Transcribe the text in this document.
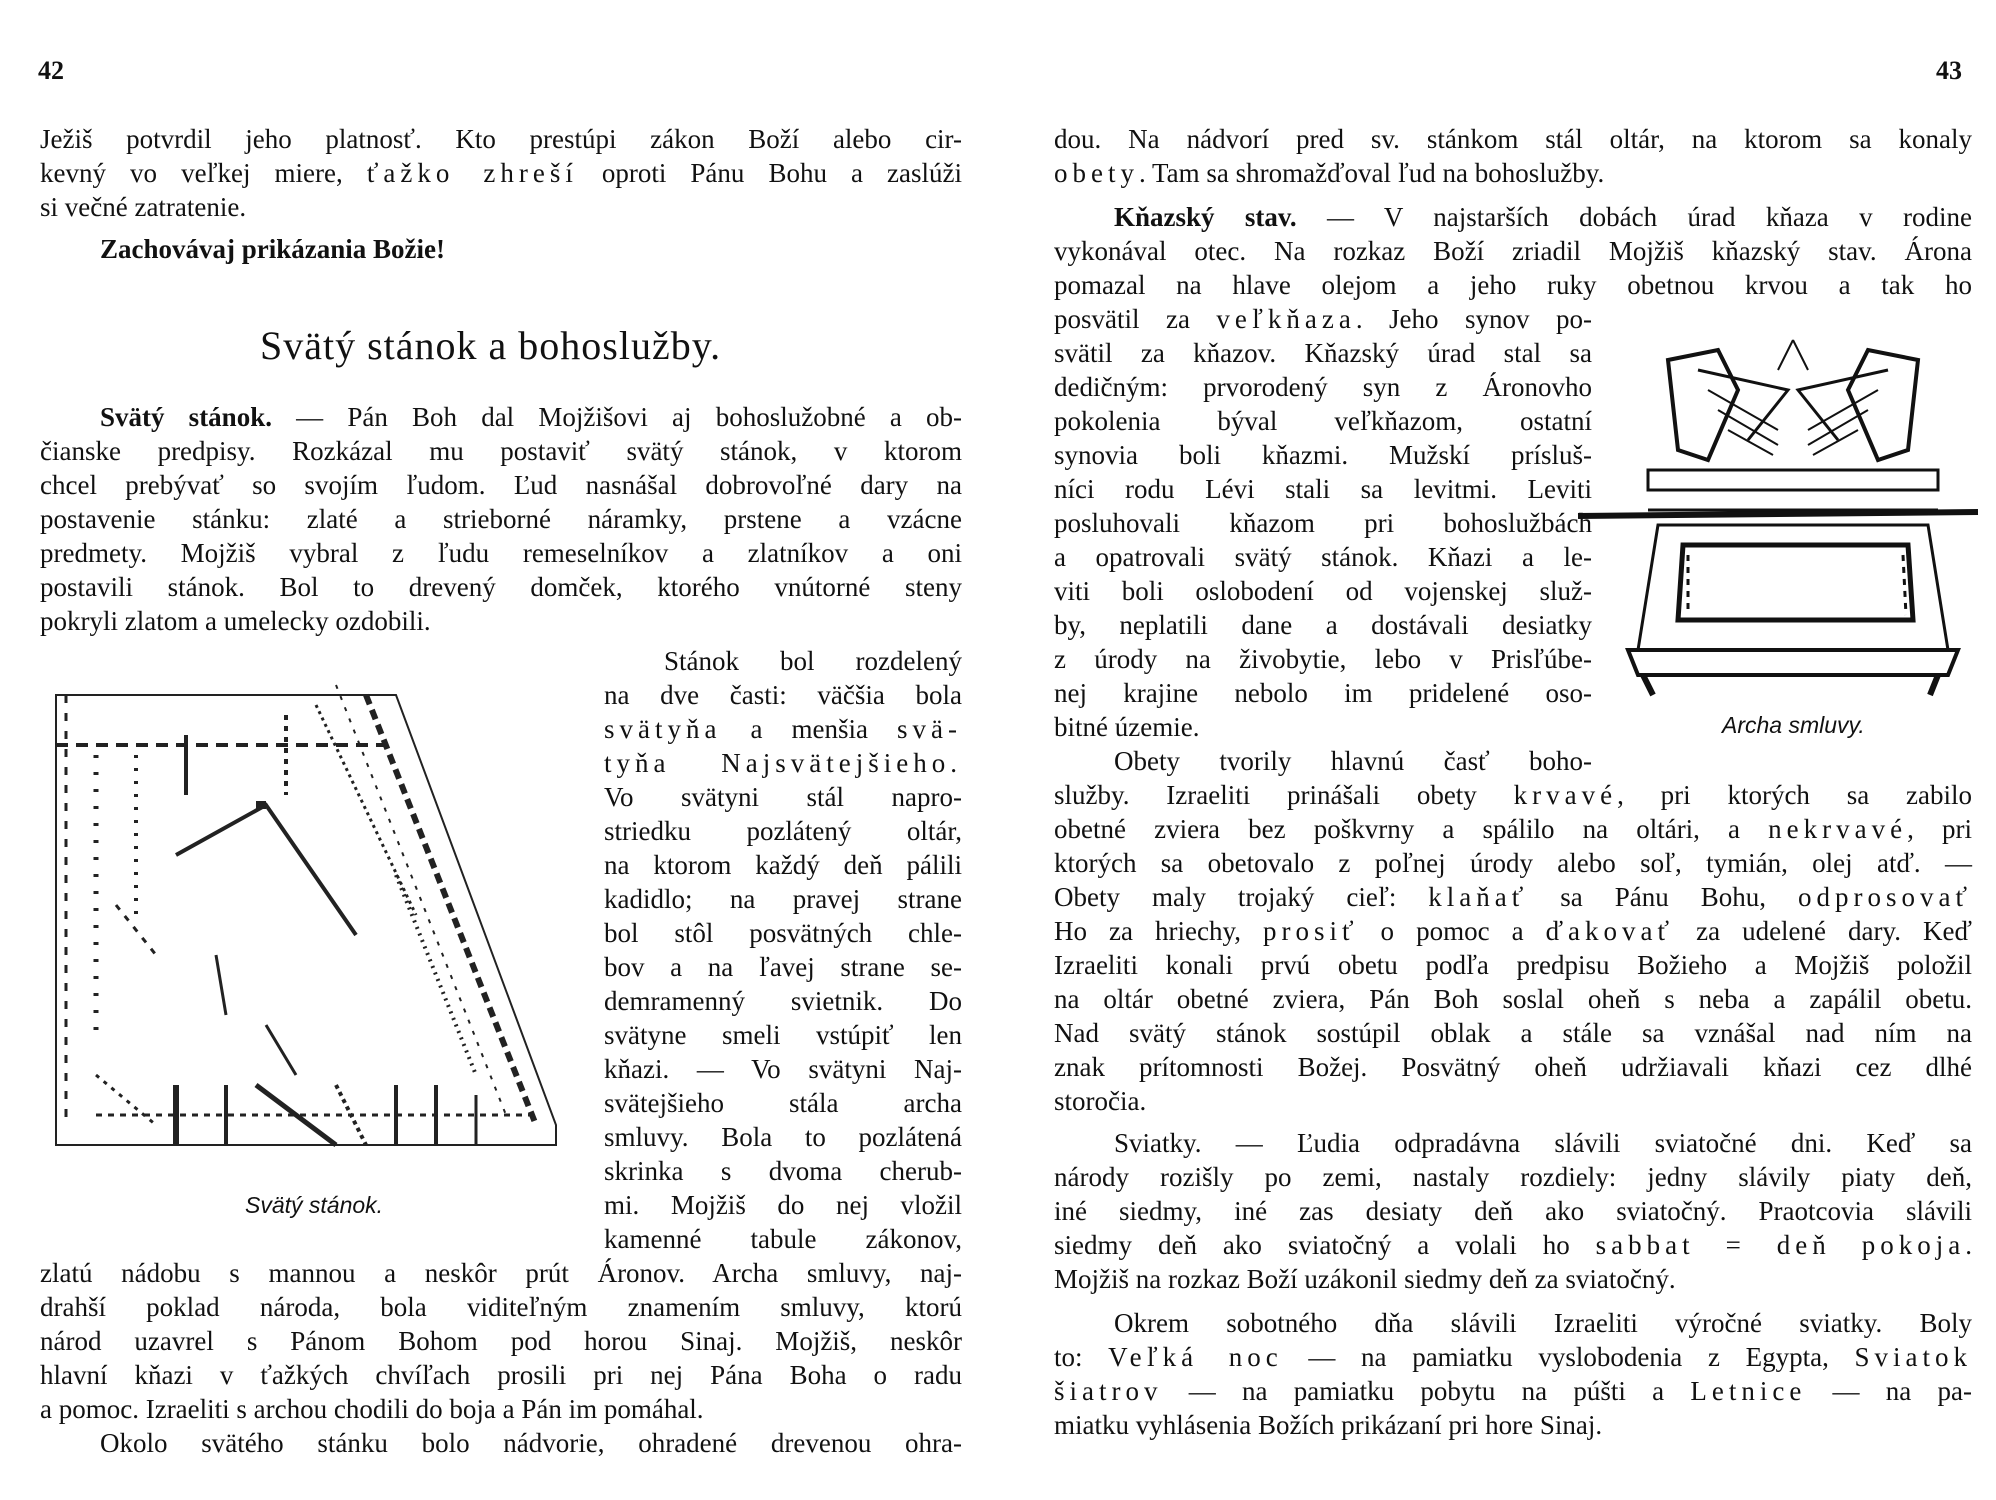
42
Ježiš potvrdil jeho platnosť. Kto prestúpi zákon Boží alebo cir-
kevný vo veľkej miere, ťažko zhreší oproti Pánu Bohu a zaslúži
si večné zatratenie.
Zachovávaj prikázania Božie!
Svätý stánok a bohoslužby.
Svätý stánok. — Pán Boh dal Mojžišovi aj bohoslužobné a ob-
čianske predpisy. Rozkázal mu postaviť svätý stánok, v ktorom
chcel prebývať so svojím ľudom. Ľud nasnášal dobrovoľné dary na
postavenie stánku: zlaté a strieborné náramky, prstene a vzácne
predmety. Mojžiš vybral z ľudu remeselníkov a zlatníkov a oni
postavili stánok. Bol to drevený domček, ktorého vnútorné steny
pokryli zlatom a umelecky ozdobili.
Svätý stánok.
Stánok bol rozdelený
na dve časti: väčšia bola
svätyňa a menšia svä-
tyňa Najsvätejšieho.
Vo svätyni stál napro-
striedku pozlátený oltár,
na ktorom každý deň pálili
kadidlo; na pravej strane
bol stôl posvätných chle-
bov a na ľavej strane se-
demramenný svietnik. Do
svätyne smeli vstúpiť len
kňazi. — Vo svätyni Naj-
svätejšieho stála archa
smluvy. Bola to pozlátená
skrinka s dvoma cherub-
mi. Mojžiš do nej vložil
kamenné tabule zákonov,
zlatú nádobu s mannou a neskôr prút Áronov. Archa smluvy, naj-
drahší poklad národa, bola viditeľným znamením smluvy, ktorú
národ uzavrel s Pánom Bohom pod horou Sinaj. Mojžiš, neskôr
hlavní kňazi v ťažkých chvíľach prosili pri nej Pána Boha o radu
a pomoc. Izraeliti s archou chodili do boja a Pán im pomáhal.
Okolo svätého stánku bolo nádvorie, ohradené drevenou ohra-
43
dou. Na nádvorí pred sv. stánkom stál oltár, na ktorom sa konaly
obety. Tam sa shromažďoval ľud na bohoslužby.
Kňazský stav. — V najstarších dobách úrad kňaza v rodine
vykonával otec. Na rozkaz Boží zriadil Mojžiš kňazský stav. Árona
pomazal na hlave olejom a jeho ruky obetnou krvou a tak ho
posvätil za veľkňaza. Jeho synov po-
svätil za kňazov. Kňazský úrad stal sa
dedičným: prvorodený syn z Áronovho
pokolenia býval veľkňazom, ostatní
synovia boli kňazmi. Mužskí prísluš-
níci rodu Lévi stali sa levitmi. Leviti
posluhovali kňazom pri bohoslužbách
a opatrovali svätý stánok. Kňazi a le-
viti boli oslobodení od vojenskej služ-
by, neplatili dane a dostávali desiatky
z úrody na živobytie, lebo v Prisľúbe-
nej krajine nebolo im pridelené oso-
bitné územie.	Archa smluvy.
Obety tvorily hlavnú časť boho-
služby. Izraeliti prinášali obety krvavé, pri ktorých sa zabilo
obetné zviera bez poškvrny a spálilo na oltári, a nekrvavé, pri
ktorých sa obetovalo z poľnej úrody alebo soľ, tymián, olej atď. —
Obety maly trojaký cieľ: klaňať sa Pánu Bohu, odprosovať
Ho za hriechy, prosiť o pomoc a ďakovať za udelené dary. Keď
Izraeliti konali prvú obetu podľa predpisu Božieho a Mojžiš položil
na oltár obetné zviera, Pán Boh soslal oheň s neba a zapálil obetu.
Nad svätý stánok sostúpil oblak a stále sa vznášal nad ním na
znak prítomnosti Božej. Posvätný oheň udržiavali kňazi cez dlhé
storočia.
Sviatky. — Ľudia odpradávna slávili sviatočné dni. Keď sa
národy rozišly po zemi, nastaly rozdiely: jedny slávily piaty deň,
iné siedmy, iné zas desiaty deň ako sviatočný. Praotcovia slávili
siedmy deň ako sviatočný a volali ho sabbat = deň pokoja.
Mojžiš na rozkaz Boží uzákonil siedmy deň za sviatočný.
Okrem sobotného dňa slávili Izraeliti výročné sviatky. Boly
to: Veľká noc — na pamiatku vyslobodenia z Egypta, Sviatok
šiatrov — na pamiatku pobytu na púšti a Letnice — na pa-
miatku vyhlásenia Božích prikázaní pri hore Sinaj.
